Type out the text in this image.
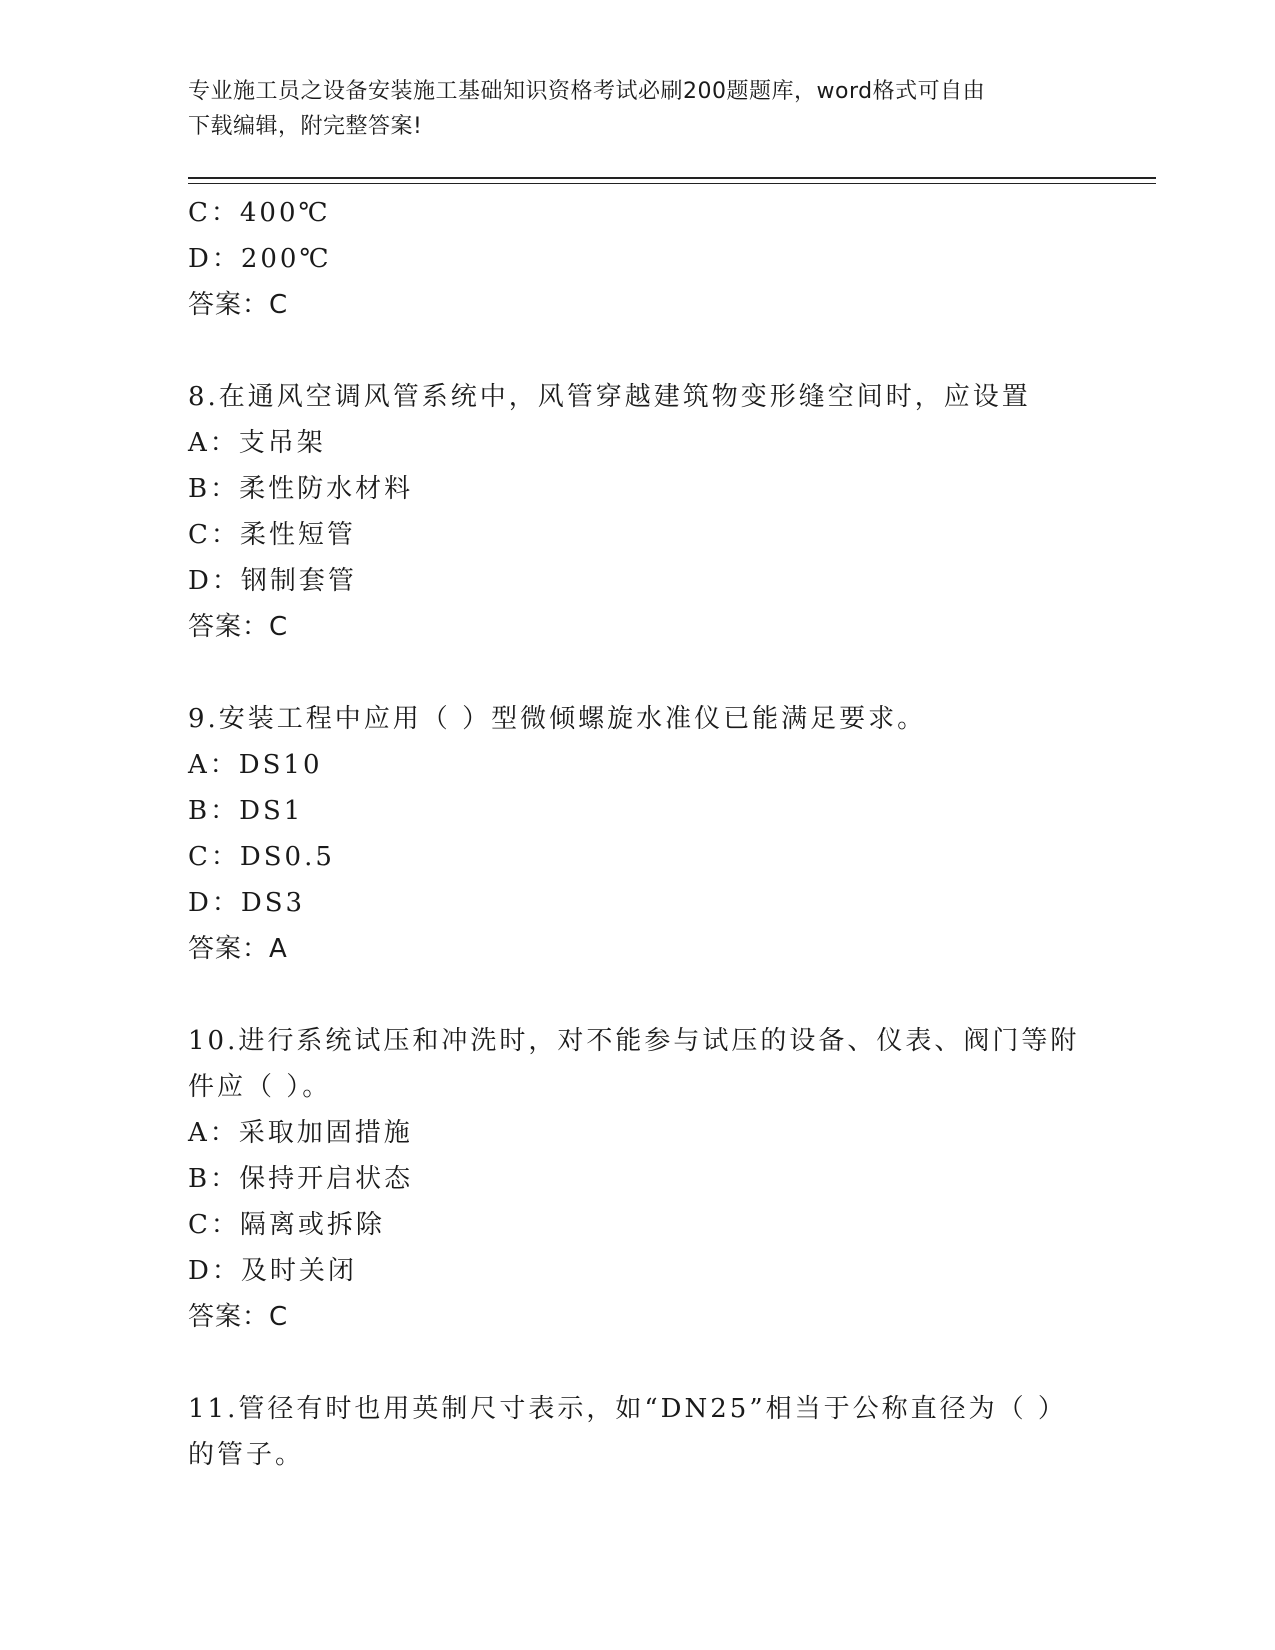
专业施工员之设备安装施工基础知识资格考试必刷200题题库，word格式可自由
下载编辑，附完整答案!
C：400℃
D：200℃
答案：C
8.在通风空调风管系统中，风管穿越建筑物变形缝空间时，应设置
A：支吊架
B：柔性防水材料
C：柔性短管
D：钢制套管
答案：C
9.安装工程中应用（ ）型微倾螺旋水准仪已能满足要求。
A：DS10
B：DS1
C：DS0.5
D：DS3
答案：A
10.进行系统试压和冲洗时，对不能参与试压的设备、仪表、阀门等附
件应（ ）。
A：采取加固措施
B：保持开启状态
C：隔离或拆除
D：及时关闭
答案：C
11.管径有时也用英制尺寸表示，如“DN25”相当于公称直径为（ ）
的管子。
